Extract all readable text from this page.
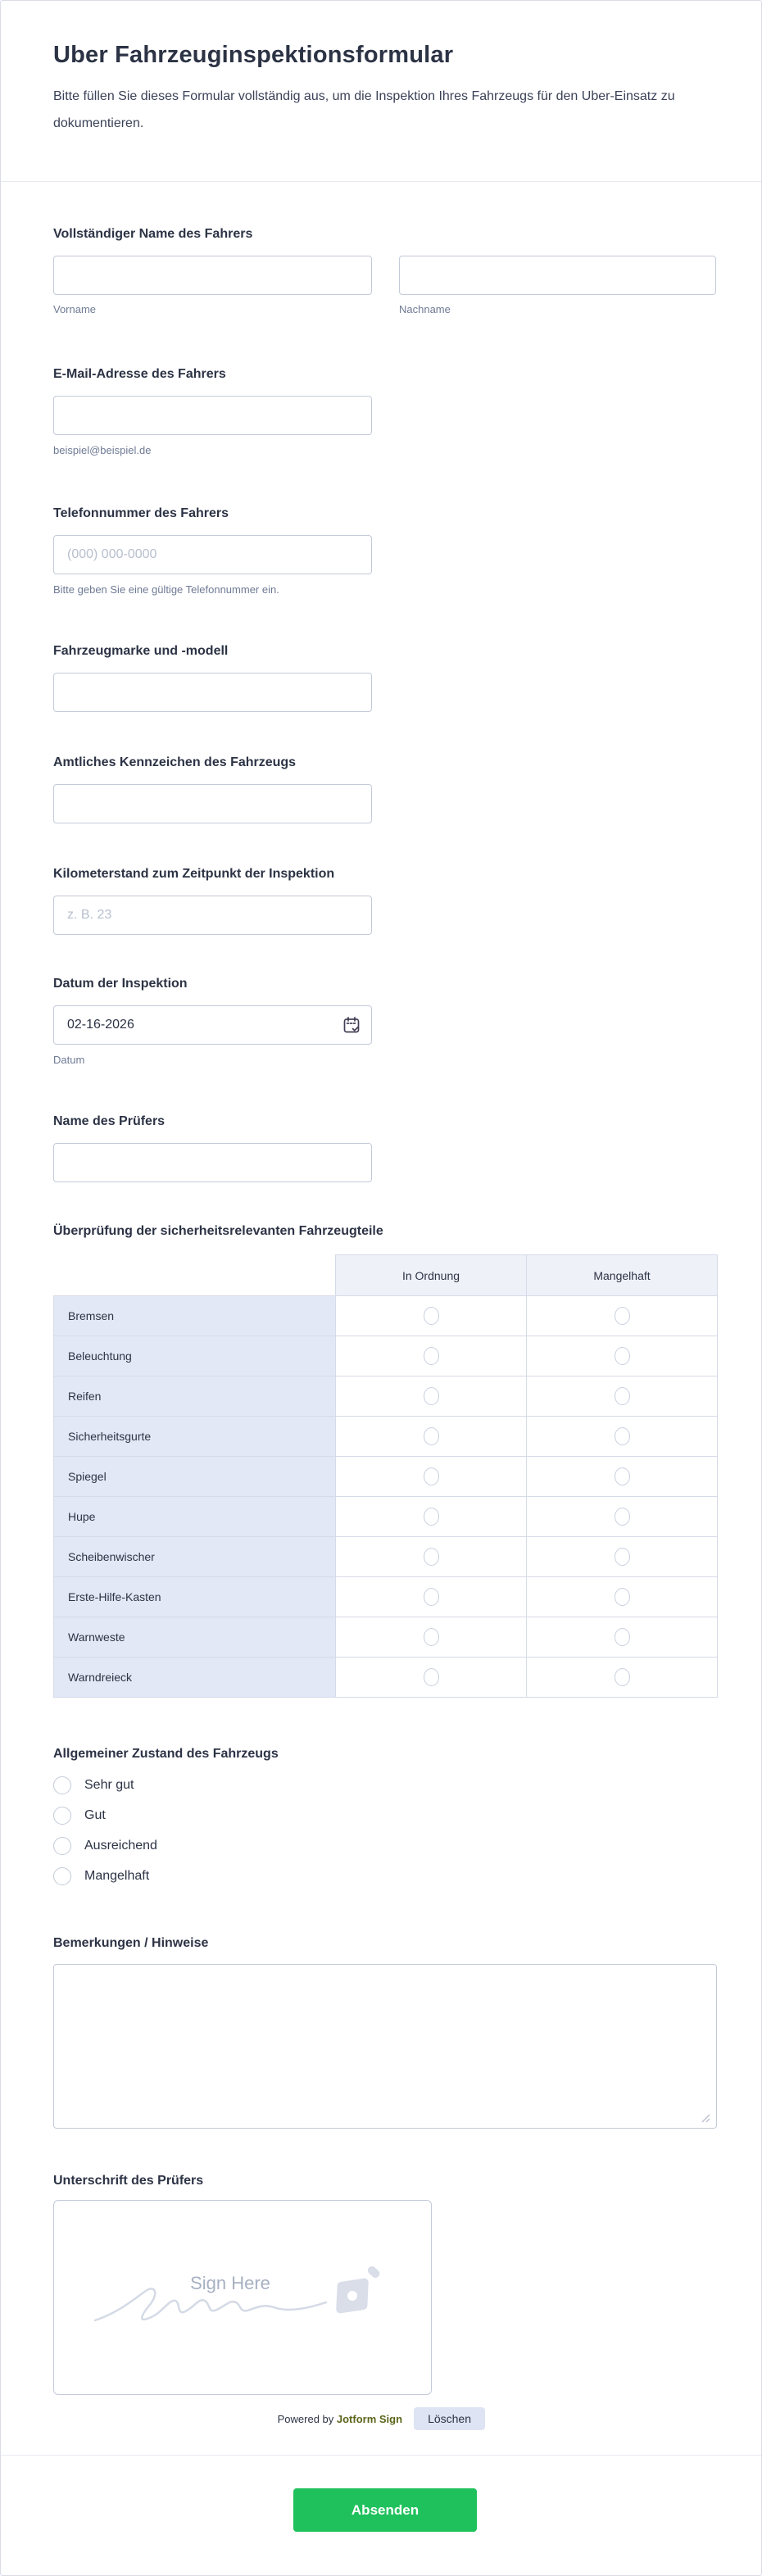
Uber Fahrzeuginspektionsformular

Bitte füllen Sie dieses Formular vollständig aus, um die Inspektion Ihres Fahrzeugs für den Uber-Einsatz zu dokumentieren.

Vollständiger Name des Fahrers
Vorname	Nachname
E-Mail-Adresse des Fahrers
beispiel@beispiel.de
Telefonnummer des Fahrers
(000) 000-0000
Bitte geben Sie eine gültige Telefonnummer ein.
Fahrzeugmarke und -modell
Amtliches Kennzeichen des Fahrzeugs
Kilometerstand zum Zeitpunkt der Inspektion
z. B. 23
Datum der Inspektion
02-16-2026
Datum
Name des Prüfers
Überprüfung der sicherheitsrelevanten Fahrzeugteile
	In Ordnung	Mangelhaft
Bremsen		
Beleuchtung		
Reifen		
Sicherheitsgurte		
Spiegel		
Hupe		
Scheibenwischer		
Erste-Hilfe-Kasten		
Warnweste		
Warndreieck		
Allgemeiner Zustand des Fahrzeugs
Sehr gut
Gut
Ausreichend
Mangelhaft
Bemerkungen / Hinweise
Unterschrift des Prüfers
Sign Here
Powered by Jotform Sign	Löschen
Absenden
